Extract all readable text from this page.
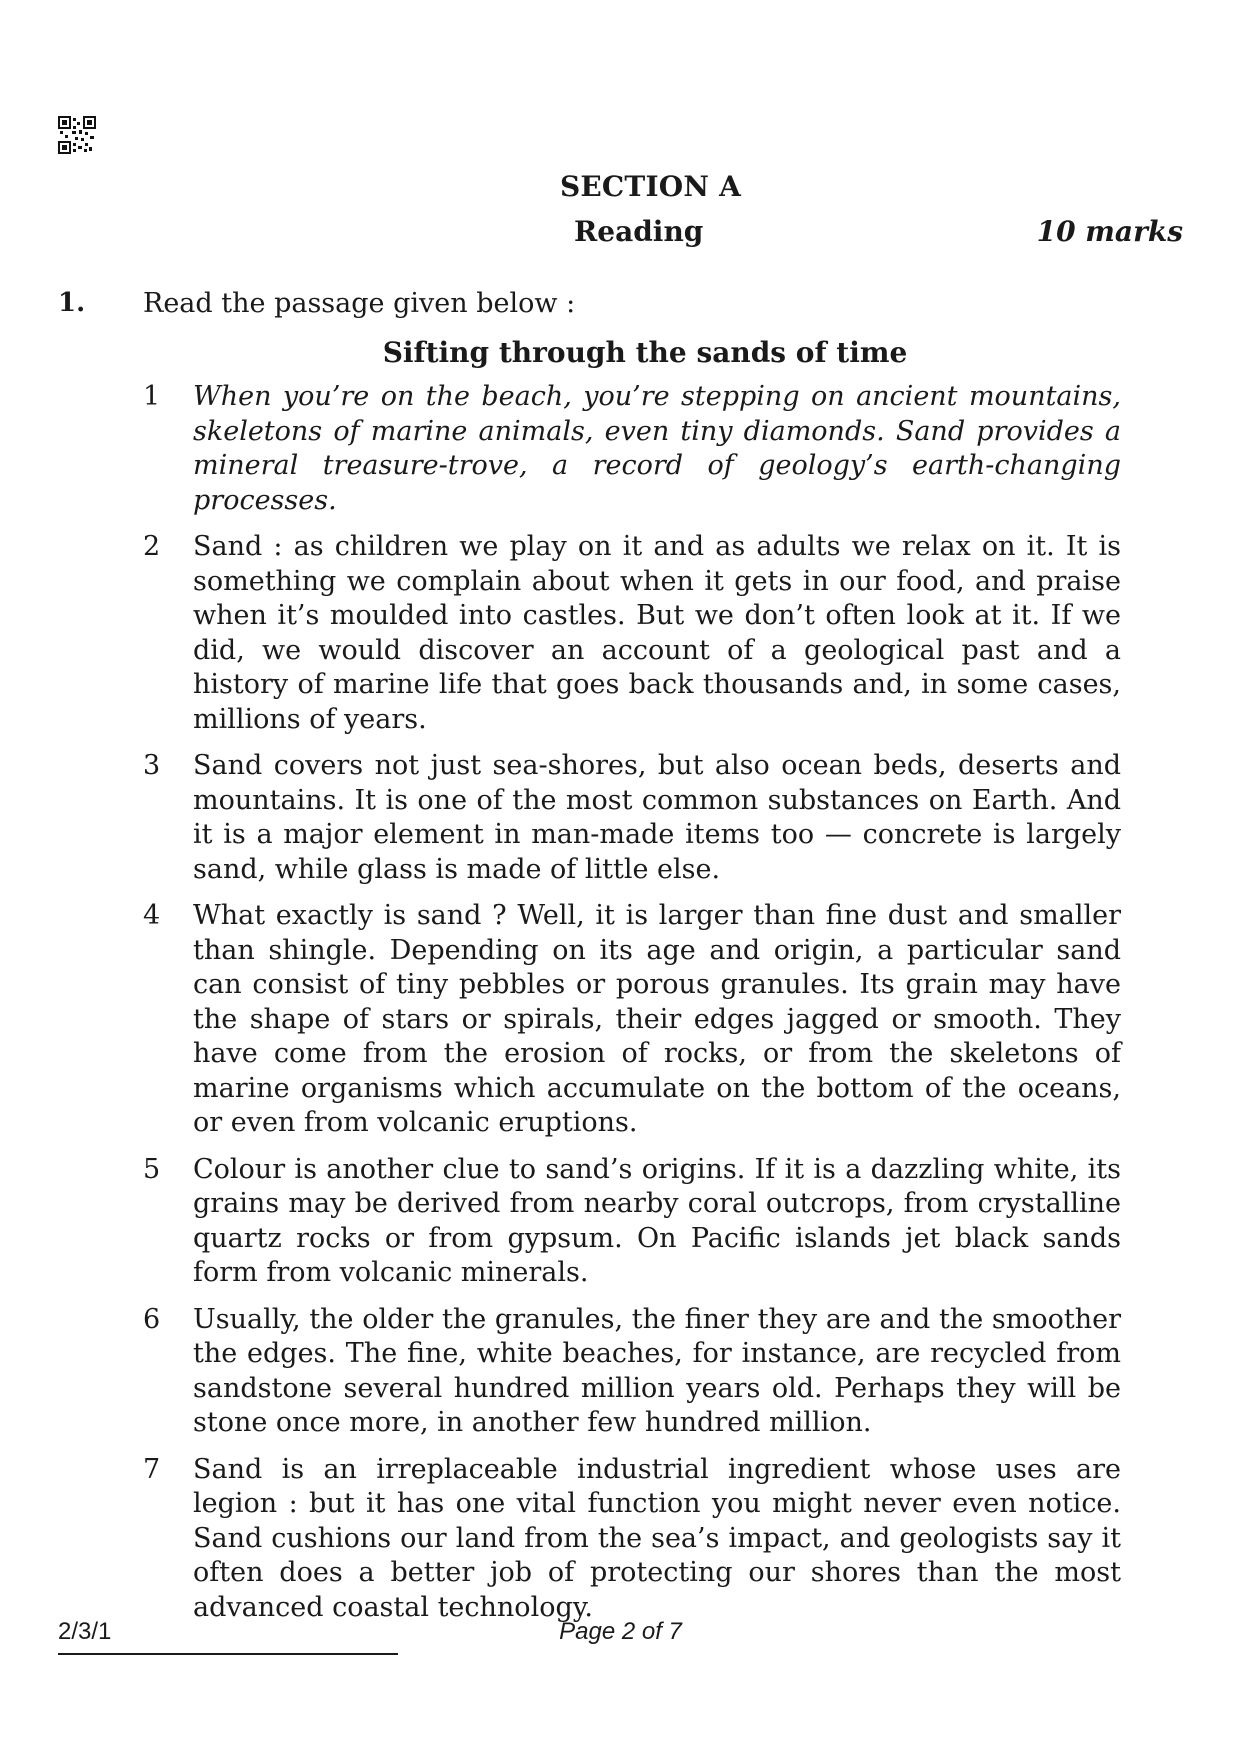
SECTION A
Reading	10 marks
1. Read the passage given below :
Sifting through the sands of time
1 When you’re on the beach, you’re stepping on ancient mountains, skeletons of marine animals, even tiny diamonds. Sand provides a mineral treasure-trove, a record of geology’s earth-changing processes.
2 Sand : as children we play on it and as adults we relax on it. It is something we complain about when it gets in our food, and praise when it’s moulded into castles. But we don’t often look at it. If we did, we would discover an account of a geological past and a history of marine life that goes back thousands and, in some cases, millions of years.
3 Sand covers not just sea-shores, but also ocean beds, deserts and mountains. It is one of the most common substances on Earth. And it is a major element in man-made items too — concrete is largely sand, while glass is made of little else.
4 What exactly is sand ? Well, it is larger than fine dust and smaller than shingle. Depending on its age and origin, a particular sand can consist of tiny pebbles or porous granules. Its grain may have the shape of stars or spirals, their edges jagged or smooth. They have come from the erosion of rocks, or from the skeletons of marine organisms which accumulate on the bottom of the oceans, or even from volcanic eruptions.
5 Colour is another clue to sand’s origins. If it is a dazzling white, its grains may be derived from nearby coral outcrops, from crystalline quartz rocks or from gypsum. On Pacific islands jet black sands form from volcanic minerals.
6 Usually, the older the granules, the finer they are and the smoother the edges. The fine, white beaches, for instance, are recycled from sandstone several hundred million years old. Perhaps they will be stone once more, in another few hundred million.
7 Sand is an irreplaceable industrial ingredient whose uses are legion : but it has one vital function you might never even notice. Sand cushions our land from the sea’s impact, and geologists say it often does a better job of protecting our shores than the most advanced coastal technology.
2/3/1	Page 2 of 7
